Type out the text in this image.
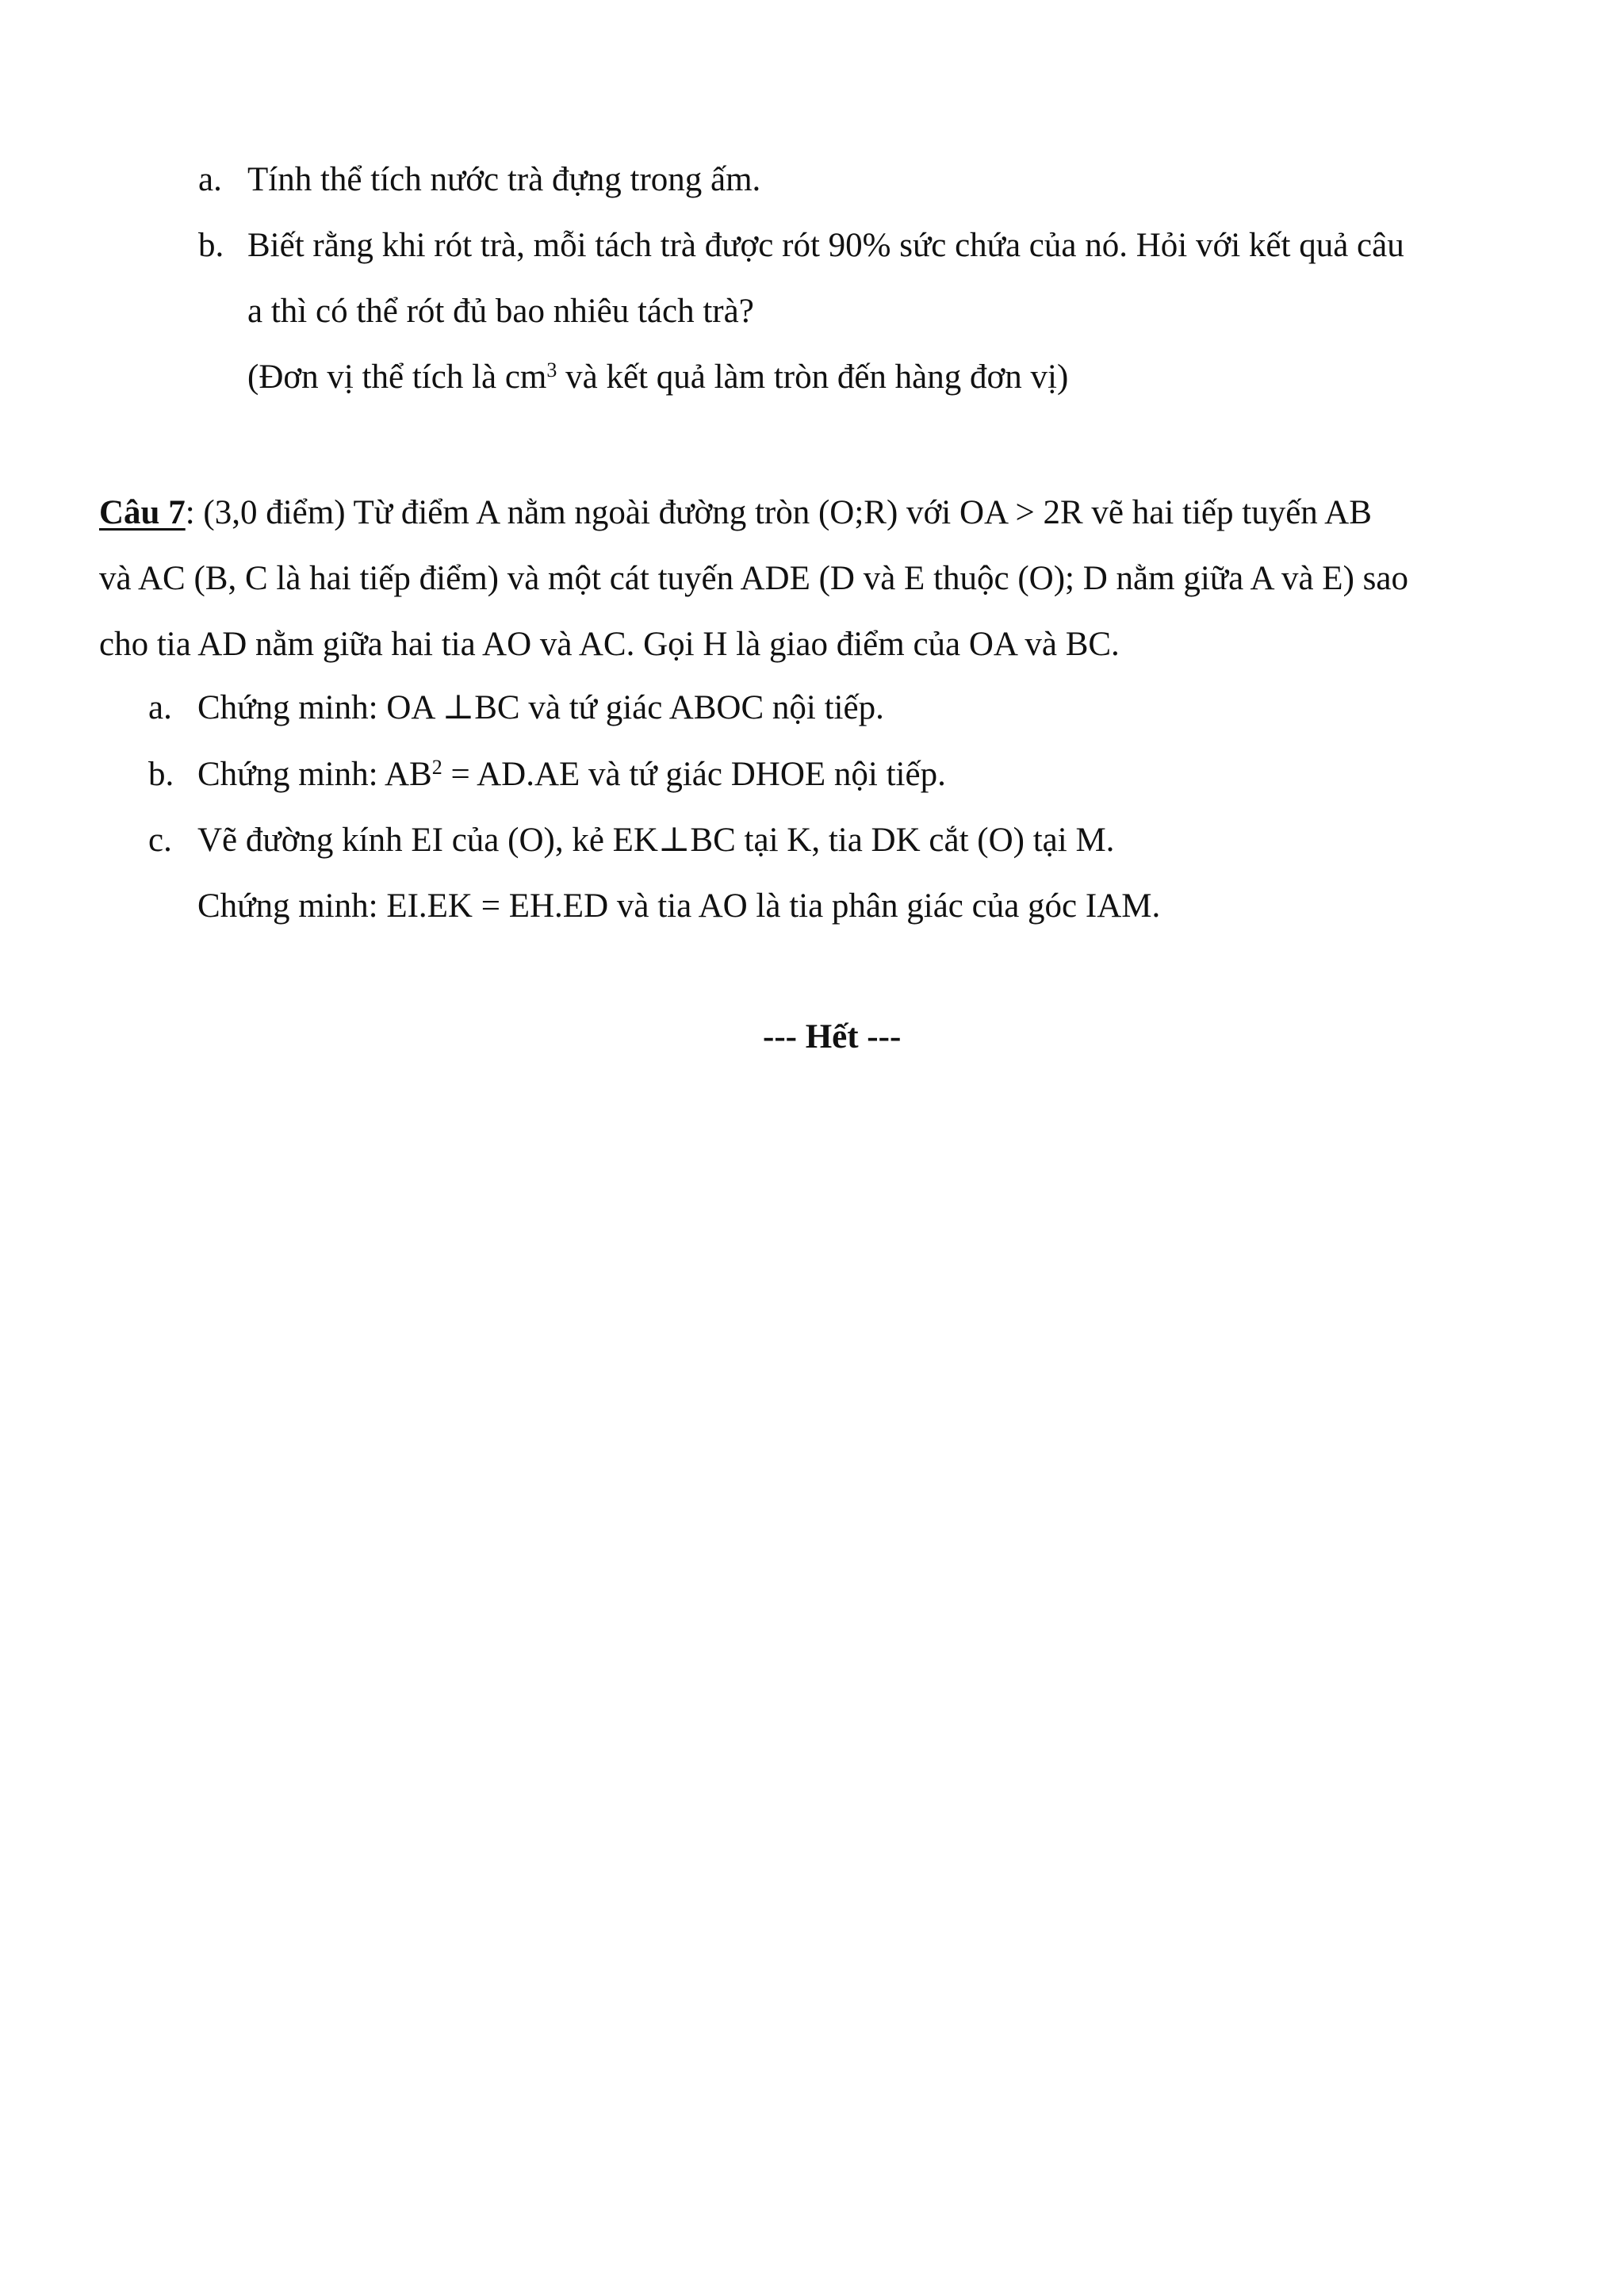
a. Tính thể tích nước trà đựng trong ấm.
b. Biết rằng khi rót trà, mỗi tách trà được rót 90% sức chứa của nó. Hỏi với kết quả câu
a thì có thể rót đủ bao nhiêu tách trà?
(Đơn vị thể tích là $cm^3$ và kết quả làm tròn đến hàng đơn vị)
Câu 7: (3,0 điểm) Từ điểm A nằm ngoài đường tròn (O;R) với OA > 2R vẽ hai tiếp tuyến AB
và AC (B, C là hai tiếp điểm) và một cát tuyến ADE (D và E thuộc (O); D nằm giữa A và E) sao
cho tia AD nằm giữa hai tia AO và AC. Gọi H là giao điểm của OA và BC.
a. Chứng minh: OA ⊥BC và tứ giác ABOC nội tiếp.
b. Chứng minh: $AB^2 = AD.AE$ và tứ giác DHOE nội tiếp.
c. Vẽ đường kính EI của (O), kẻ EK⊥BC tại K, tia DK cắt (O) tại M.
Chứng minh: EI.EK = EH.ED và tia AO là tia phân giác của góc IAM.
--- Hết ---
